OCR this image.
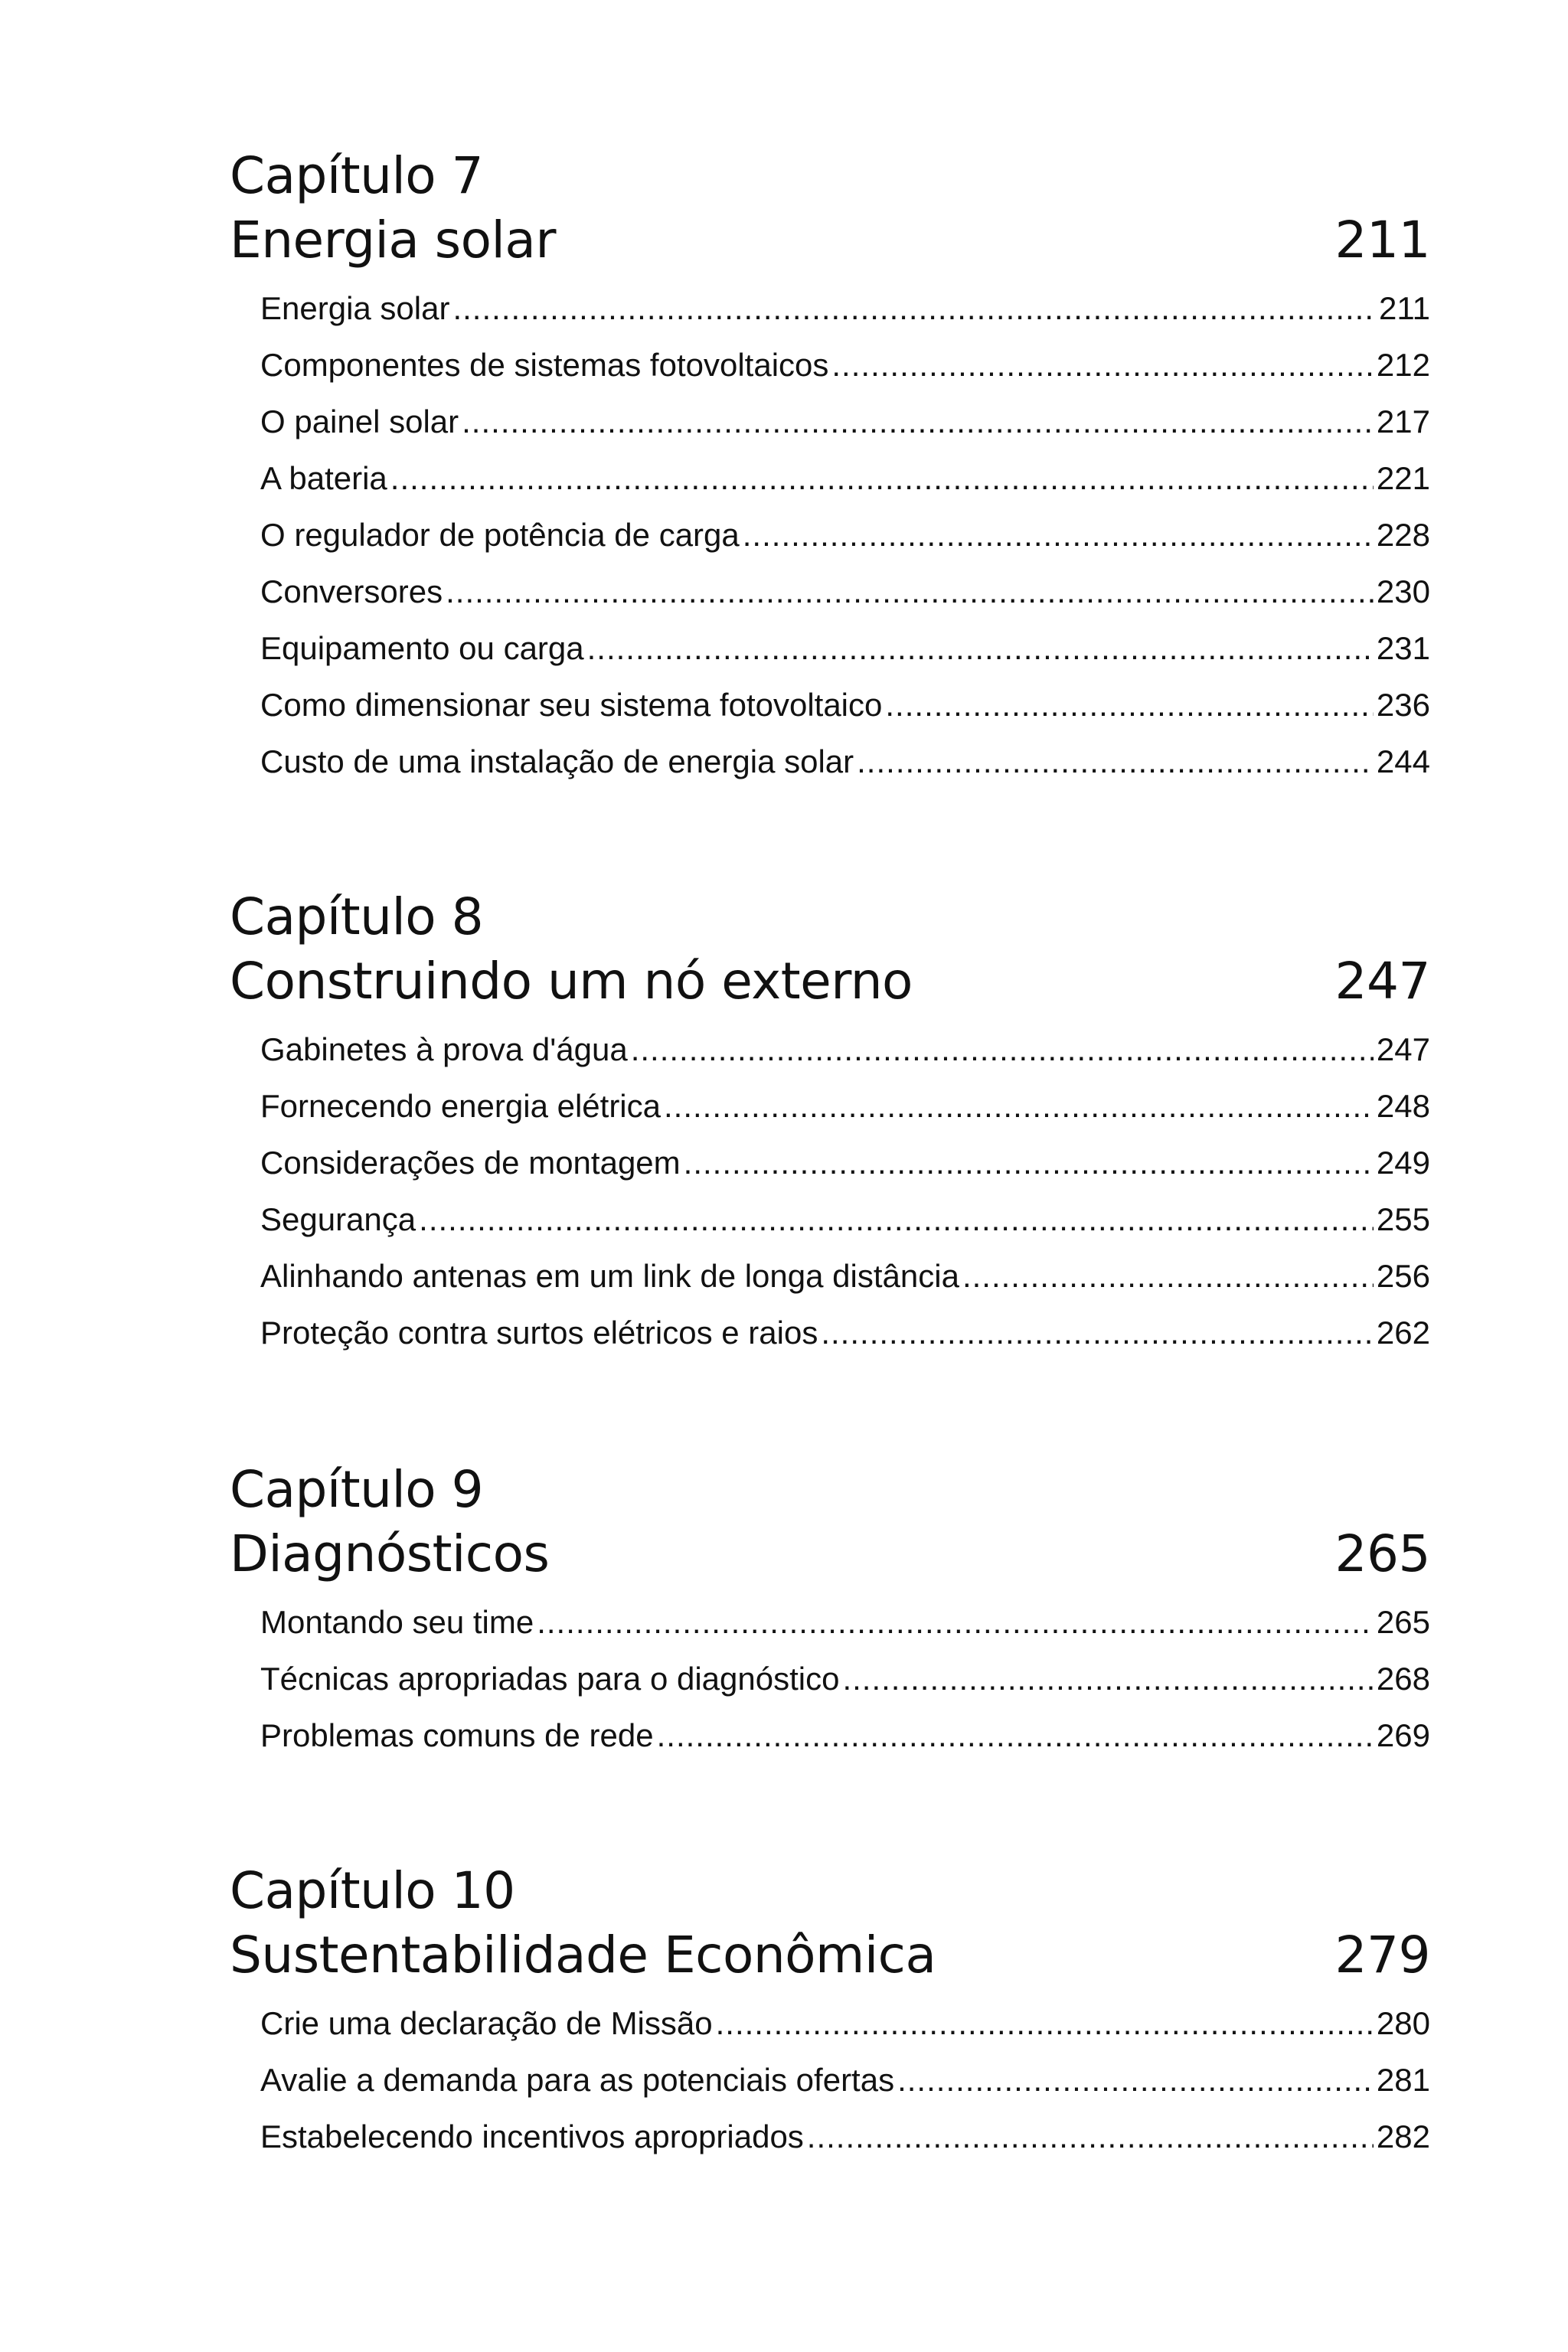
Capítulo 7
Energia solar	211
Energia solar .....	211
Componentes de sistemas fotovoltaicos .....	212
O painel solar .....	217
A bateria .....	221
O regulador de potência de carga .....	228
Conversores .....	230
Equipamento ou carga .....	231
Como dimensionar seu sistema fotovoltaico .....	236
Custo de uma instalação de energia solar .....	244
Capítulo 8
Construindo um nó externo	247
Gabinetes à prova d'água .....	247
Fornecendo energia elétrica .....	248
Considerações de montagem .....	249
Segurança .....	255
Alinhando antenas em um link de longa distância .....	256
Proteção contra surtos elétricos e raios .....	262
Capítulo 9
Diagnósticos	265
Montando seu time .....	265
Técnicas apropriadas para o diagnóstico .....	268
Problemas comuns de rede .....	269
Capítulo 10
Sustentabilidade Econômica	279
Crie uma declaração de Missão .....	280
Avalie a demanda para as potenciais ofertas .....	281
Estabelecendo incentivos apropriados .....	282
